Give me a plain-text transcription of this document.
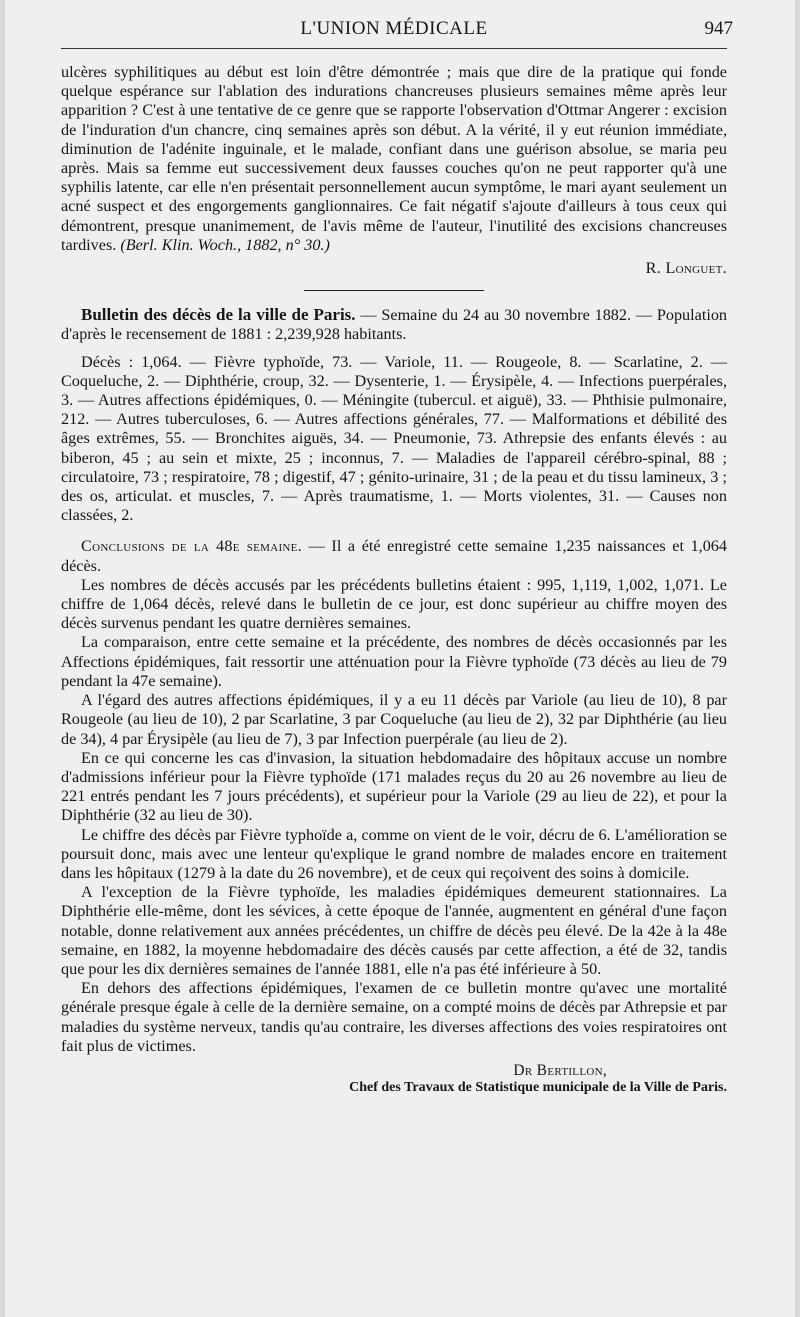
L'UNION MÉDICALE	947

ulcères syphilitiques au début est loin d'être démontrée ; mais que dire de la pratique qui fonde quelque espérance sur l'ablation des indurations chancreuses plusieurs semaines même après leur apparition ? C'est à une tentative de ce genre que se rapporte l'observation d'Ottmar Angerer : excision de l'induration d'un chancre, cinq semaines après son début. A la vérité, il y eut réunion immédiate, diminution de l'adénite inguinale, et le malade, confiant dans une guérison absolue, se maria peu après. Mais sa femme eut successivement deux fausses couches qu'on ne peut rapporter qu'à une syphilis latente, car elle n'en présentait personnellement aucun symptôme, le mari ayant seulement un acné suspect et des engorgements ganglionnaires. Ce fait négatif s'ajoute d'ailleurs à tous ceux qui démontrent, presque unanimement, de l'avis même de l'auteur, l'inutilité des excisions chancreuses tardives. (Berl. Klin. Woch., 1882, n° 30.)

R. Longuet.

Bulletin des décès de la ville de Paris. — Semaine du 24 au 30 novembre 1882. — Population d'après le recensement de 1881 : 2,239,928 habitants.

Décès : 1,064. — Fièvre typhoïde, 73. — Variole, 11. — Rougeole, 8. — Scarlatine, 2. — Coqueluche, 2. — Diphthérie, croup, 32. — Dysenterie, 1. — Érysipèle, 4. — Infections puerpérales, 3. — Autres affections épidémiques, 0. — Méningite (tubercul. et aiguë), 33. — Phthisie pulmonaire, 212. — Autres tuberculoses, 6. — Autres affections générales, 77. — Malformations et débilité des âges extrêmes, 55. — Bronchites aiguës, 34. — Pneumonie, 73. Athrepsie des enfants élevés : au biberon, 45 ; au sein et mixte, 25 ; inconnus, 7. — Maladies de l'appareil cérébro-spinal, 88 ; circulatoire, 73 ; respiratoire, 78 ; digestif, 47 ; génito-urinaire, 31 ; de la peau et du tissu lamineux, 3 ; des os, articulat. et muscles, 7. — Après traumatisme, 1. — Morts violentes, 31. — Causes non classées, 2.

Conclusions de la 48e semaine. — Il a été enregistré cette semaine 1,235 naissances et 1,064 décès.

Les nombres de décès accusés par les précédents bulletins étaient : 995, 1,119, 1,002, 1,071. Le chiffre de 1,064 décès, relevé dans le bulletin de ce jour, est donc supérieur au chiffre moyen des décès survenus pendant les quatre dernières semaines.

La comparaison, entre cette semaine et la précédente, des nombres de décès occasionnés par les Affections épidémiques, fait ressortir une atténuation pour la Fièvre typhoïde (73 décès au lieu de 79 pendant la 47e semaine).

A l'égard des autres affections épidémiques, il y a eu 11 décès par Variole (au lieu de 10), 8 par Rougeole (au lieu de 10), 2 par Scarlatine, 3 par Coqueluche (au lieu de 2), 32 par Diphthérie (au lieu de 34), 4 par Érysipèle (au lieu de 7), 3 par Infection puerpérale (au lieu de 2).

En ce qui concerne les cas d'invasion, la situation hebdomadaire des hôpitaux accuse un nombre d'admissions inférieur pour la Fièvre typhoïde (171 malades reçus du 20 au 26 novembre au lieu de 221 entrés pendant les 7 jours précédents), et supérieur pour la Variole (29 au lieu de 22), et pour la Diphthérie (32 au lieu de 30).

Le chiffre des décès par Fièvre typhoïde a, comme on vient de le voir, décru de 6. L'amélioration se poursuit donc, mais avec une lenteur qu'explique le grand nombre de malades encore en traitement dans les hôpitaux (1279 à la date du 26 novembre), et de ceux qui reçoivent des soins à domicile.

A l'exception de la Fièvre typhoïde, les maladies épidémiques demeurent stationnaires. La Diphthérie elle-même, dont les sévices, à cette époque de l'année, augmentent en général d'une façon notable, donne relativement aux années précédentes, un chiffre de décès peu élevé. De la 42e à la 48e semaine, en 1882, la moyenne hebdomadaire des décès causés par cette affection, a été de 32, tandis que pour les dix dernières semaines de l'année 1881, elle n'a pas été inférieure à 50.

En dehors des affections épidémiques, l'examen de ce bulletin montre qu'avec une mortalité générale presque égale à celle de la dernière semaine, on a compté moins de décès par Athrepsie et par maladies du système nerveux, tandis qu'au contraire, les diverses affections des voies respiratoires ont fait plus de victimes.

Dr Bertillon,
Chef des Travaux de Statistique municipale de la Ville de Paris.
